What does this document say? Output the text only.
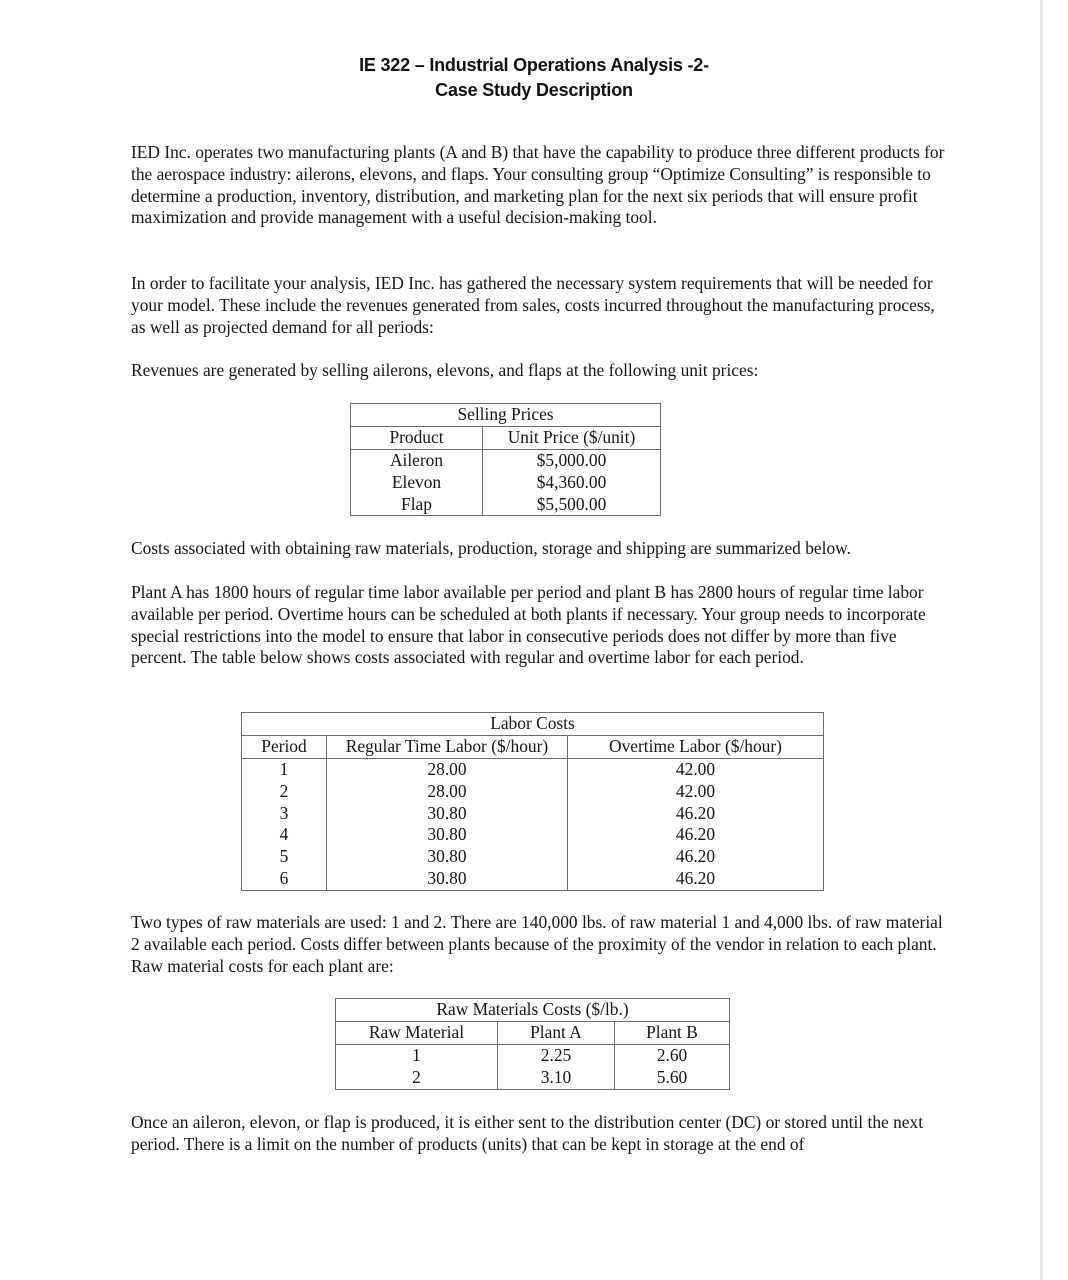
IE 322 – Industrial Operations Analysis -2-
Case Study Description

IED Inc. operates two manufacturing plants (A and B) that have the capability to produce three different products for the aerospace industry: ailerons, elevons, and flaps. Your consulting group “Optimize Consulting” is responsible to determine a production, inventory, distribution, and marketing plan for the next six periods that will ensure profit maximization and provide management with a useful decision-making tool.

In order to facilitate your analysis, IED Inc. has gathered the necessary system requirements that will be needed for your model. These include the revenues generated from sales, costs incurred throughout the manufacturing process, as well as projected demand for all periods:

Revenues are generated by selling ailerons, elevons, and flaps at the following unit prices:

Selling Prices	
Product	Unit Price ($/unit)
Aileron	$5,000.00
Elevon	$4,360.00
Flap	$5,500.00

Costs associated with obtaining raw materials, production, storage and shipping are summarized below.

Plant A has 1800 hours of regular time labor available per period and plant B has 2800 hours of regular time labor available per period. Overtime hours can be scheduled at both plants if necessary. Your group needs to incorporate special restrictions into the model to ensure that labor in consecutive periods does not differ by more than five percent. The table below shows costs associated with regular and overtime labor for each period.

Labor Costs		
Period	Regular Time Labor ($/hour)	Overtime Labor ($/hour)
1	28.00	42.00
2	28.00	42.00
3	30.80	46.20
4	30.80	46.20
5	30.80	46.20
6	30.80	46.20

Two types of raw materials are used: 1 and 2. There are 140,000 lbs. of raw material 1 and 4,000 lbs. of raw material 2 available each period. Costs differ between plants because of the proximity of the vendor in relation to each plant. Raw material costs for each plant are:

Raw Materials Costs ($/lb.)		
Raw Material	Plant A	Plant B
1	2.25	2.60
2	3.10	5.60

Once an aileron, elevon, or flap is produced, it is either sent to the distribution center (DC) or stored until the next period. There is a limit on the number of products (units) that can be kept in storage at the end of
